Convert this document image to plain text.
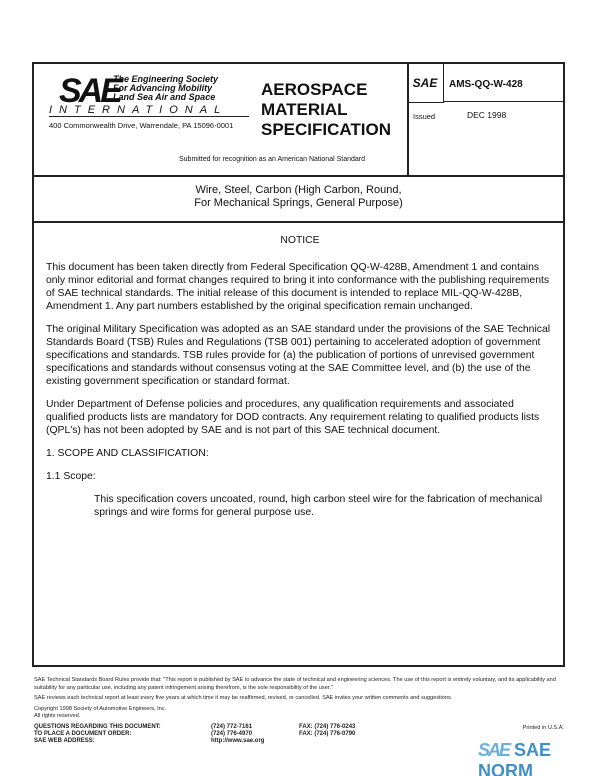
SAE
The Engineering Society
For Advancing Mobility
Land Sea Air and Space
INTERNATIONAL
400 Commonwealth Drive, Warrendale, PA 15096-0001
AEROSPACE
MATERIAL
SPECIFICATION
Submitted for recognition as an American National Standard
SAE	AMS-QQ-W-428
Issued	DEC 1998
Wire, Steel, Carbon (High Carbon, Round,
For Mechanical Springs, General Purpose)

NOTICE

This document has been taken directly from Federal Specification QQ-W-428B, Amendment 1 and contains only minor editorial and format changes required to bring it into conformance with the publishing requirements of SAE technical standards. The initial release of this document is intended to replace MIL-QQ-W-428B, Amendment 1. Any part numbers established by the original specification remain unchanged.

The original Military Specification was adopted as an SAE standard under the provisions of the SAE Technical Standards Board (TSB) Rules and Regulations (TSB 001) pertaining to accelerated adoption of government specifications and standards. TSB rules provide for (a) the publication of portions of unrevised government specifications and standards without consensus voting at the SAE Committee level, and (b) the use of the existing government specification or standard format.

Under Department of Defense policies and procedures, any qualification requirements and associated qualified products lists are mandatory for DOD contracts. Any requirement relating to qualified products lists (QPL's) has not been adopted by SAE and is not part of this SAE technical document.

1. SCOPE AND CLASSIFICATION:

1.1 Scope:

This specification covers uncoated, round, high carbon steel wire for the fabrication of mechanical springs and wire forms for general purpose use.

SAE Technical Standards Board Rules provide that: "This report is published by SAE to advance the state of technical and engineering sciences. The use of this report is entirely voluntary, and its applicability and suitability for any particular use, including any patent infringement arising therefrom, is the sole responsibility of the user."

SAE reviews each technical report at least every five years at which time it may be reaffirmed, revised, or cancelled. SAE invites your written comments and suggestions.

Copyright 1998 Society of Automotive Engineers, Inc.
All rights reserved.
Printed in U.S.A.
QUESTIONS REGARDING THIS DOCUMENT:	(724) 772-7161	FAX: (724) 776-0243
TO PLACE A DOCUMENT ORDER:	(724) 776-4970	FAX: (724) 776-0790
SAE WEB ADDRESS:	http://www.sae.org	SAE SAE NORM
